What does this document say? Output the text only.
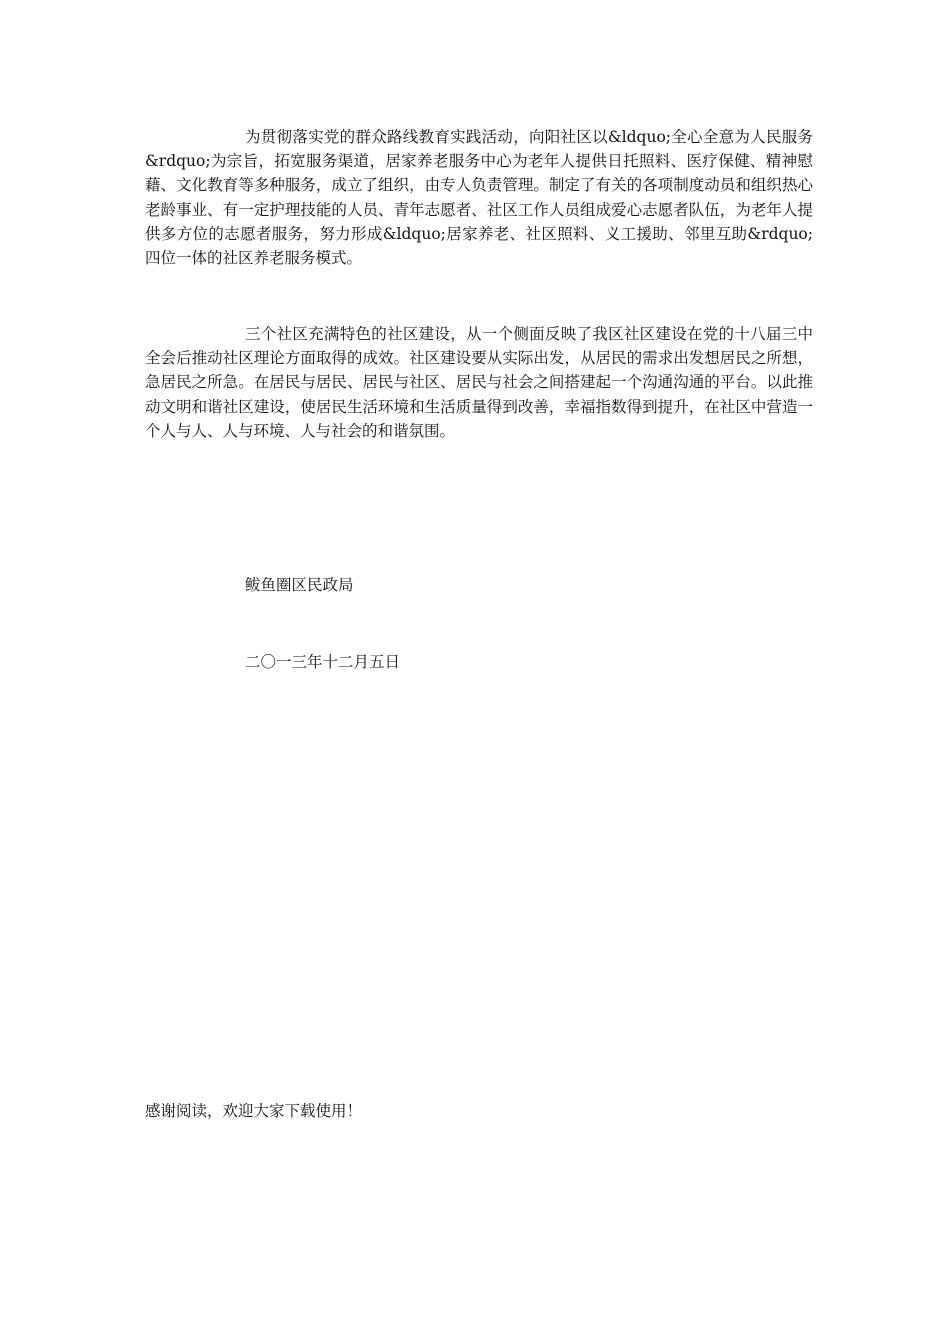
为贯彻落实党的群众路线教育实践活动，向阳社区以&ldquo;全心全意为人民服务&rdquo;为宗旨，拓宽服务渠道，居家养老服务中心为老年人提供日托照料、医疗保健、精神慰藉、文化教育等多种服务，成立了组织，由专人负责管理。制定了有关的各项制度动员和组织热心老龄事业、有一定护理技能的人员、青年志愿者、社区工作人员组成爱心志愿者队伍，为老年人提供多方位的志愿者服务，努力形成&ldquo;居家养老、社区照料、义工援助、邻里互助&rdquo;四位一体的社区养老服务模式。

三个社区充满特色的社区建设，从一个侧面反映了我区社区建设在党的十八届三中全会后推动社区理论方面取得的成效。社区建设要从实际出发，从居民的需求出发想居民之所想，急居民之所急。在居民与居民、居民与社区、居民与社会之间搭建起一个沟通沟通的平台。以此推动文明和谐社区建设，使居民生活环境和生活质量得到改善，幸福指数得到提升，在社区中营造一个人与人、人与环境、人与社会的和谐氛围。

鲅鱼圈区民政局

二〇一三年十二月五日

感谢阅读，欢迎大家下载使用！
